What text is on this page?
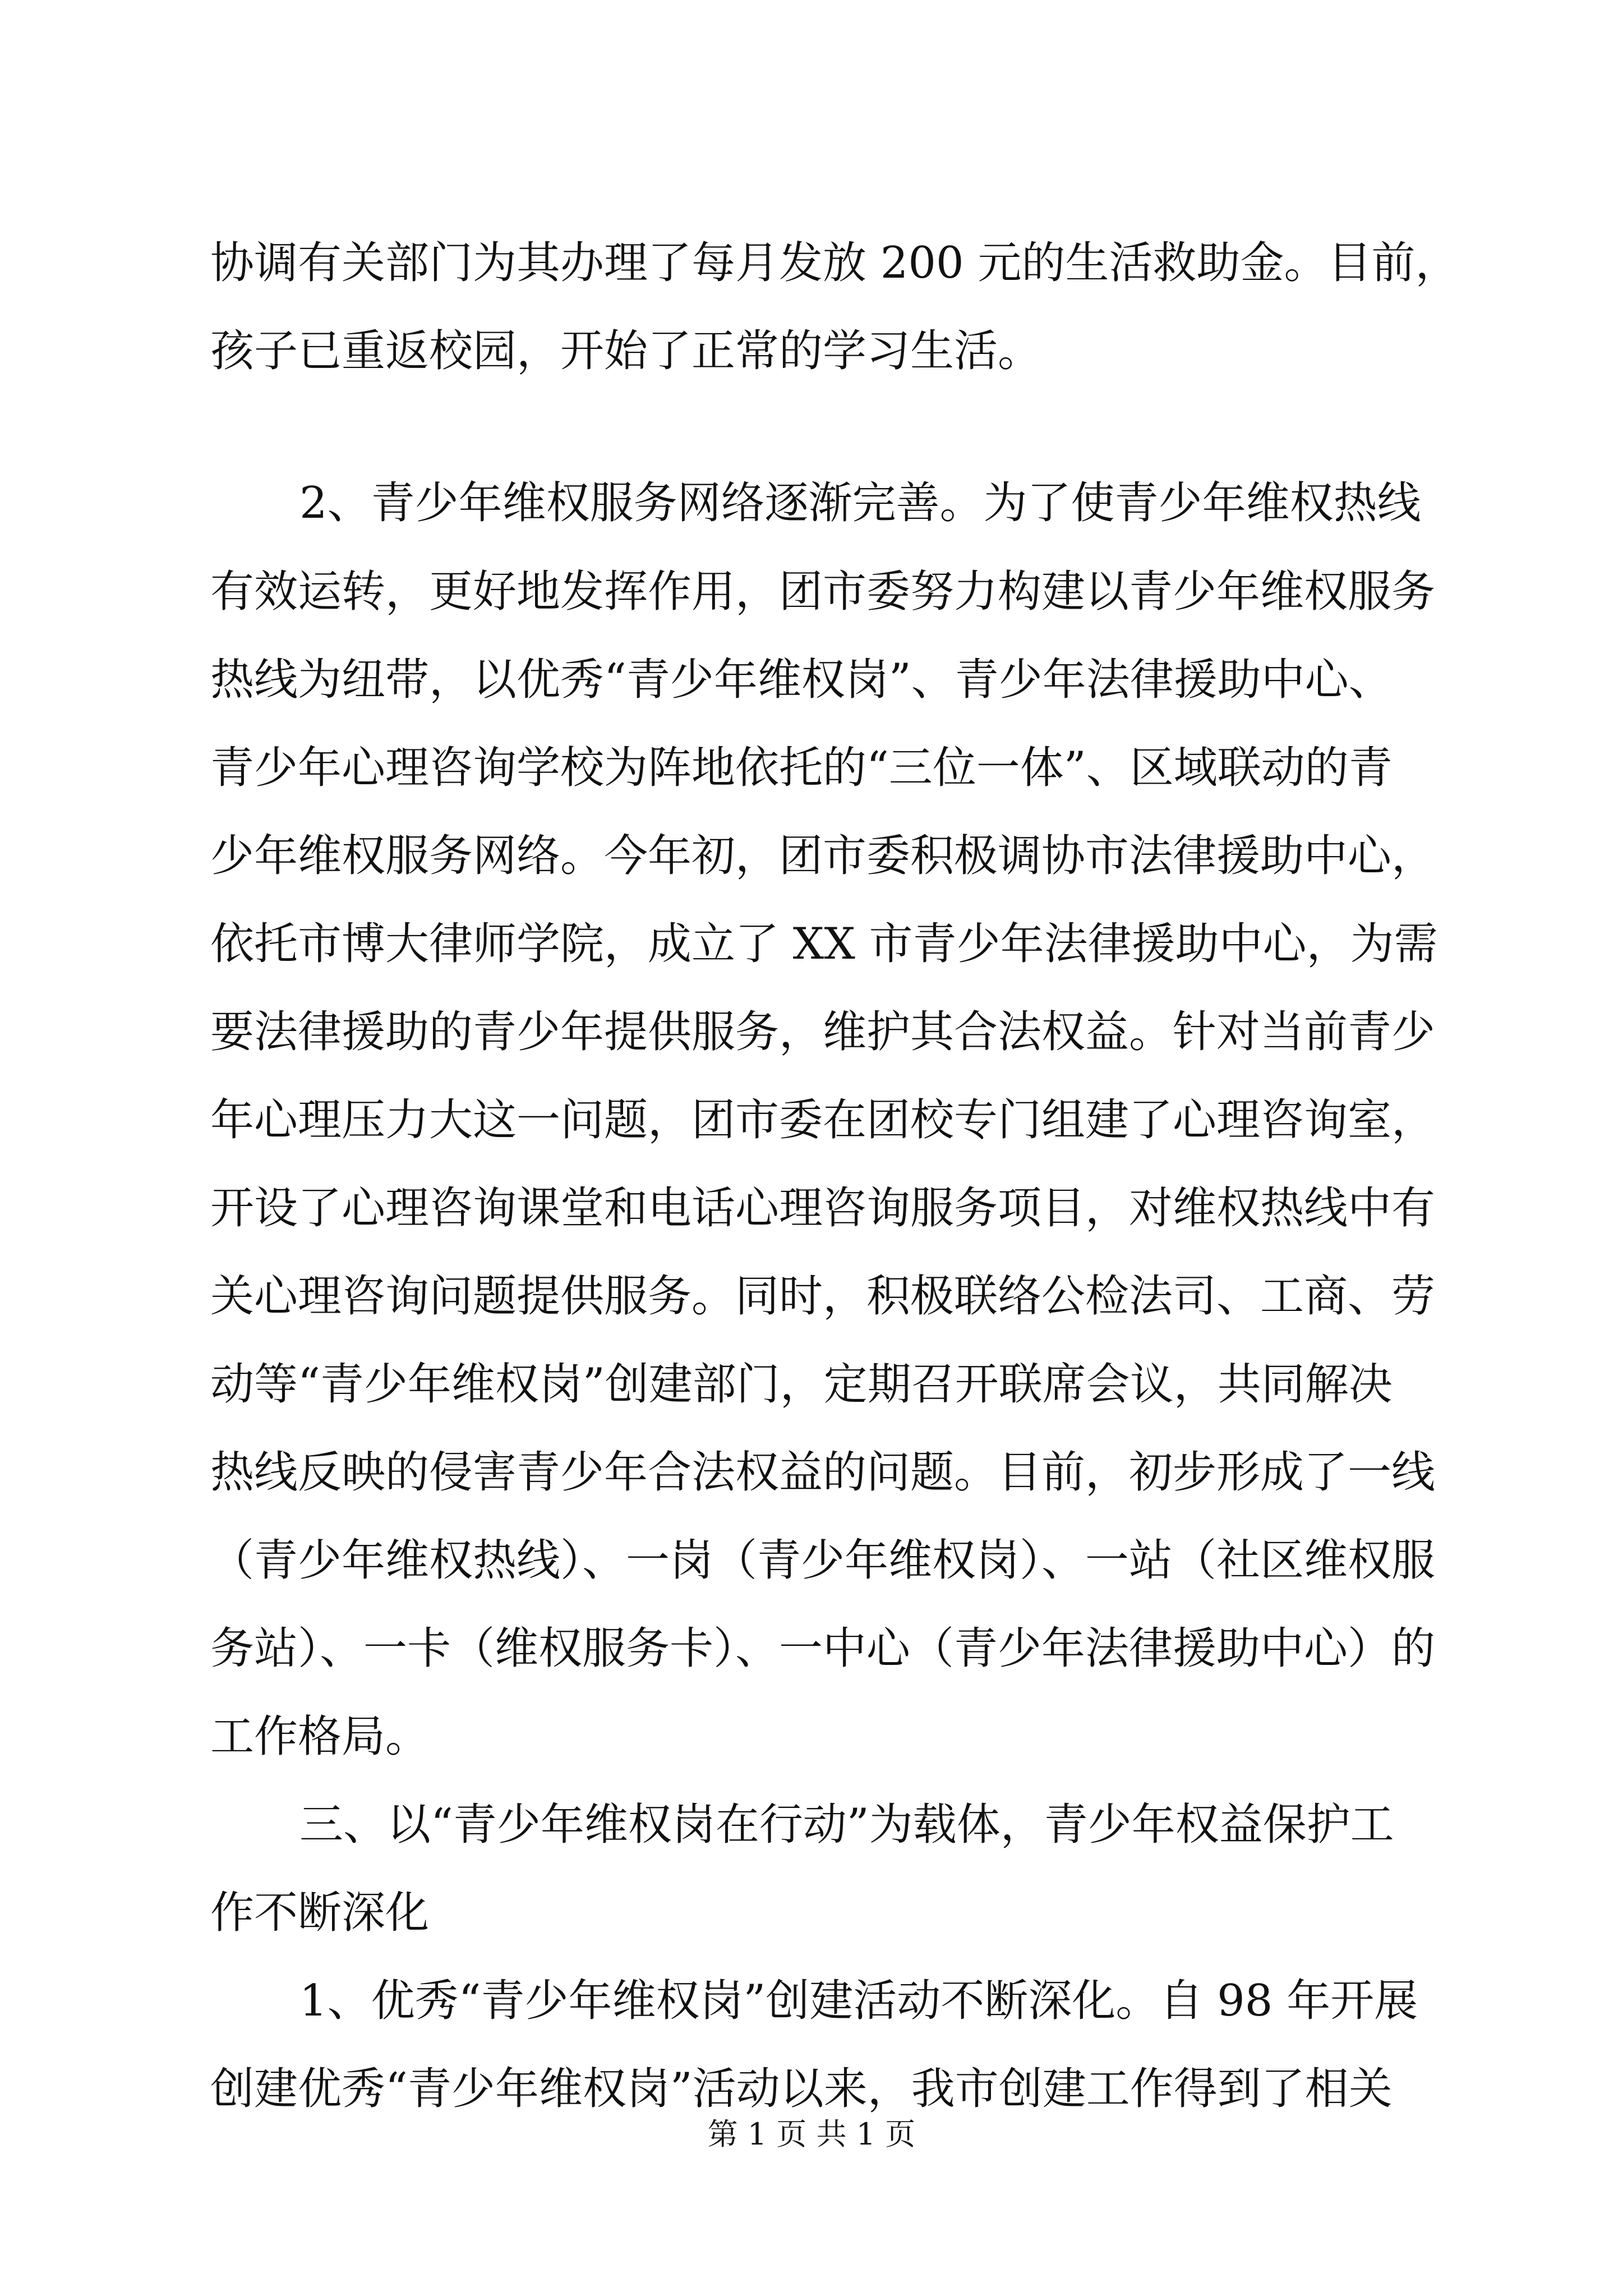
协调有关部门为其办理了每月发放 200 元的生活救助金。目前，
孩子已重返校园，开始了正常的学习生活。
2、青少年维权服务网络逐渐完善。为了使青少年维权热线
有效运转，更好地发挥作用，团市委努力构建以青少年维权服务
热线为纽带，以优秀“青少年维权岗”、青少年法律援助中心、
青少年心理咨询学校为阵地依托的“三位一体”、区域联动的青
少年维权服务网络。今年初，团市委积极调协市法律援助中心，
依托市博大律师学院，成立了 XX 市青少年法律援助中心，为需
要法律援助的青少年提供服务，维护其合法权益。针对当前青少
年心理压力大这一问题，团市委在团校专门组建了心理咨询室，
开设了心理咨询课堂和电话心理咨询服务项目，对维权热线中有
关心理咨询问题提供服务。同时，积极联络公检法司、工商、劳
动等“青少年维权岗”创建部门，定期召开联席会议，共同解决
热线反映的侵害青少年合法权益的问题。目前，初步形成了一线
（青少年维权热线）、一岗（青少年维权岗）、一站（社区维权服
务站）、一卡（维权服务卡）、一中心（青少年法律援助中心）的
工作格局。
三、以“青少年维权岗在行动”为载体，青少年权益保护工
作不断深化
1、优秀“青少年维权岗”创建活动不断深化。自 98 年开展
创建优秀“青少年维权岗”活动以来，我市创建工作得到了相关
第 1 页 共 1 页
